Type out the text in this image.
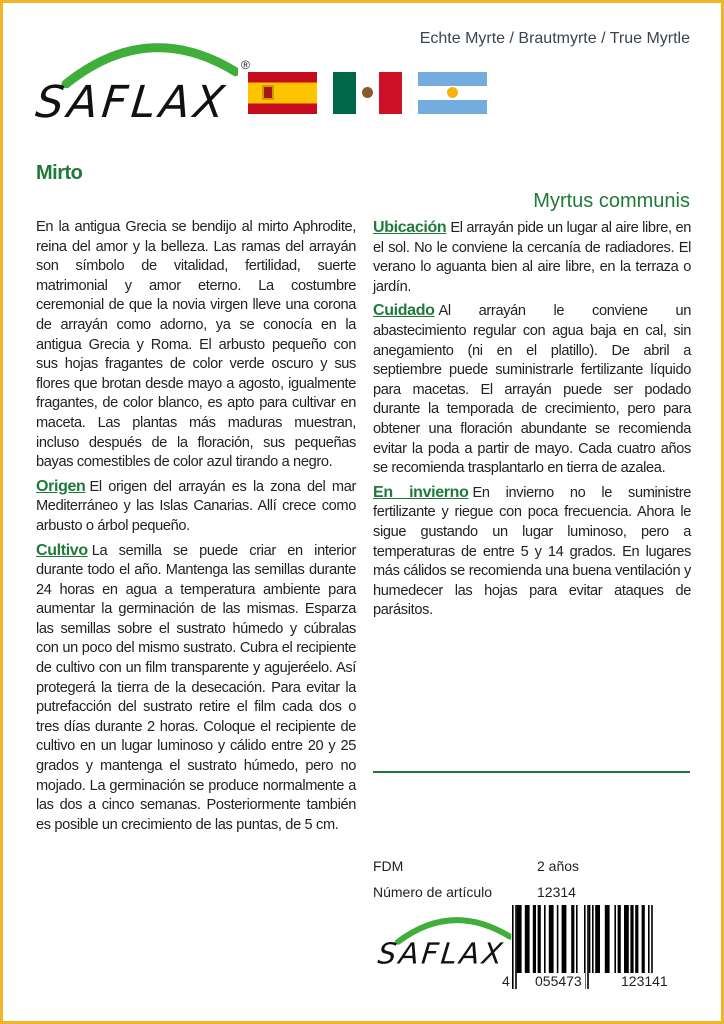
SAFLAX
®
Echte Myrte / Brautmyrte / True Myrtle
Mirto
Myrtus communis

En la antigua Grecia se bendijo al mirto Aphrodite, reina del amor y la belleza. Las ramas del arrayán son símbolo de vitalidad, fertilidad, suerte matrimonial y amor eterno. La costumbre ceremonial de que la novia virgen lleve una corona de arrayán como adorno, ya se conocía en la antigua Grecia y Roma. El arbusto pequeño con sus hojas fragantes de color verde oscuro y sus flores que brotan desde mayo a agosto, igualmente fragantes, de color blanco, es apto para cultivar en maceta. Las plantas más maduras muestran, incluso después de la floración, sus pequeñas bayas comestibles de color azul tirando a negro.

Origen El origen del arrayán es la zona del mar Mediterráneo y las Islas Canarias. Allí crece como arbusto o árbol pequeño.

Cultivo La semilla se puede criar en interior durante todo el año. Mantenga las semillas durante 24 horas en agua a temperatura ambiente para aumentar la germinación de las mismas. Esparza las semillas sobre el sustrato húmedo y cúbralas con un poco del mismo sustrato. Cubra el recipiente de cultivo con un film transparente y agujeréelo. Así protegerá la tierra de la desecación. Para evitar la putrefacción del sustrato retire el film cada dos o tres días durante 2 horas. Coloque el recipiente de cultivo en un lugar luminoso y cálido entre 20 y 25 grados y mantenga el sustrato húmedo, pero no mojado. La germinación se produce normalmente a las dos a cinco semanas. Posteriormente también es posible un crecimiento de las puntas, de 5 cm.

Ubicación El arrayán pide un lugar al aire libre, en el sol. No le conviene la cercanía de radiadores. El verano lo aguanta bien al aire libre, en la terraza o jardín.

Cuidado Al arrayán le conviene un abastecimiento regular con agua baja en cal, sin anegamiento (ni en el platillo). De abril a septiembre puede suministrarle fertilizante líquido para macetas. El arrayán puede ser podado durante la temporada de crecimiento, pero para obtener una floración abundante se recomienda evitar la poda a partir de mayo. Cada cuatro años se recomienda trasplantarlo en tierra de azalea.

En invierno En invierno no le suministre fertilizante y riegue con poca frecuencia. Ahora le sigue gustando un lugar luminoso, pero a temperaturas de entre 5 y 14 grados. En lugares más cálidos se recomienda una buena ventilación y humedecer las hojas para evitar ataques de parásitos.

FDM	2 años
Número de artículo	12314
SAFLAX
4 055473	123141
